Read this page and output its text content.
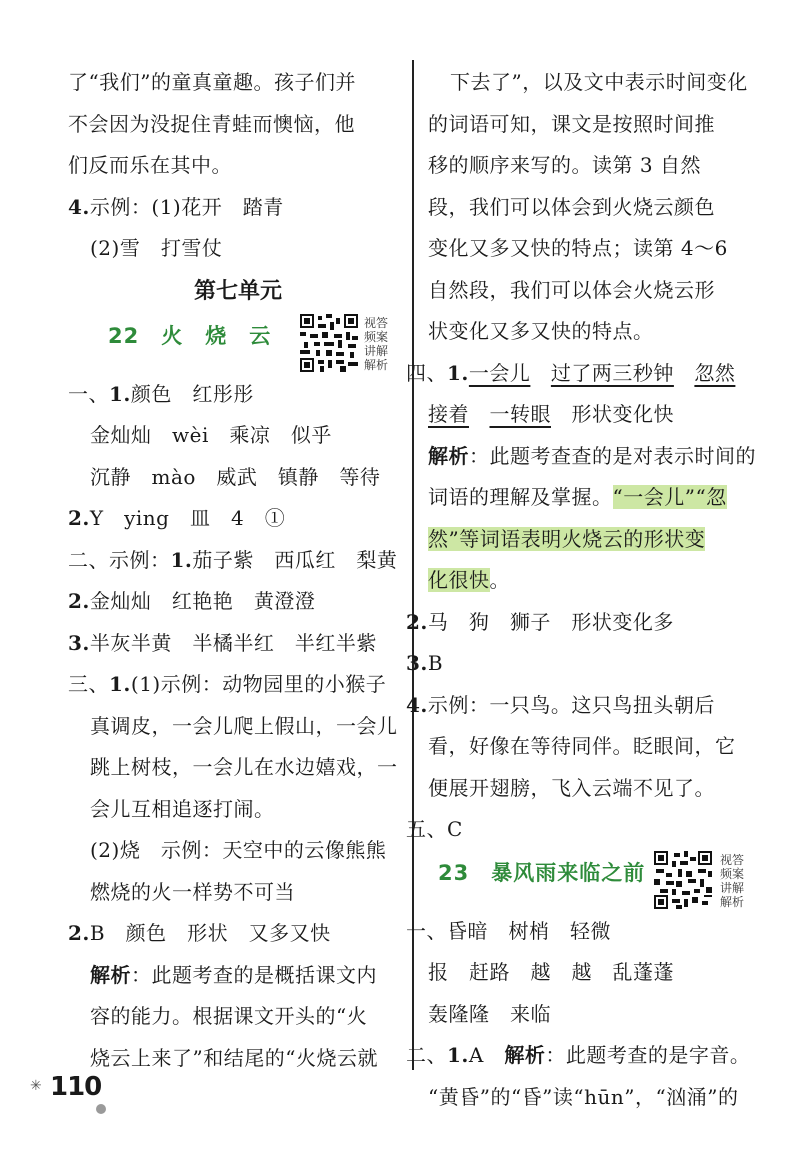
了“我们”的童真童趣。孩子们并
不会因为没捉住青蛙而懊恼，他
们反而乐在其中。
4.示例：(1)花开　踏青
(2)雪　打雪仗
第七单元
22　火　烧　云
视答频案讲解解析
一、1.颜色　红彤彤
金灿灿　wèi　乘凉　似乎
沉静　mào　威武　镇静　等待
2.Y　ying　皿　4　①
二、示例：1.茄子紫　西瓜红　梨黄
2.金灿灿　红艳艳　黄澄澄
3.半灰半黄　半橘半红　半红半紫
三、1.(1)示例：动物园里的小猴子
真调皮，一会儿爬上假山，一会儿
跳上树枝，一会儿在水边嬉戏，一
会儿互相追逐打闹。
(2)烧　示例：天空中的云像熊熊
燃烧的火一样势不可当
2.B　颜色　形状　又多又快
解析：此题考查的是概括课文内
容的能力。根据课文开头的“火
烧云上来了”和结尾的“火烧云就
下去了”，以及文中表示时间变化
的词语可知，课文是按照时间推
移的顺序来写的。读第 3 自然
段，我们可以体会到火烧云颜色
变化又多又快的特点；读第 4～6
自然段，我们可以体会火烧云形
状变化又多又快的特点。
四、1.一会儿　 过了两三秒钟　 忽然
接着　 一转眼　形状变化快
解析：此题考查查的是对表示时间的
词语的理解及掌握。“一会儿”“忽
然”等词语表明火烧云的形状变
化很快。
2.马　狗　狮子　形状变化多
3.B
4.示例：一只鸟。这只鸟扭头朝后
看，好像在等待同伴。眨眼间，它
便展开翅膀，飞入云端不见了。
五、C
23　暴风雨来临之前
视答频案讲解解析
一、昏暗　树梢　轻微
报　赶路　越　越　乱蓬蓬
轰隆隆　来临
二、1.A　解析：此题考查的是字音。
“黄昏”的“昏”读“hūn”，“汹涌”的
✳ 110
